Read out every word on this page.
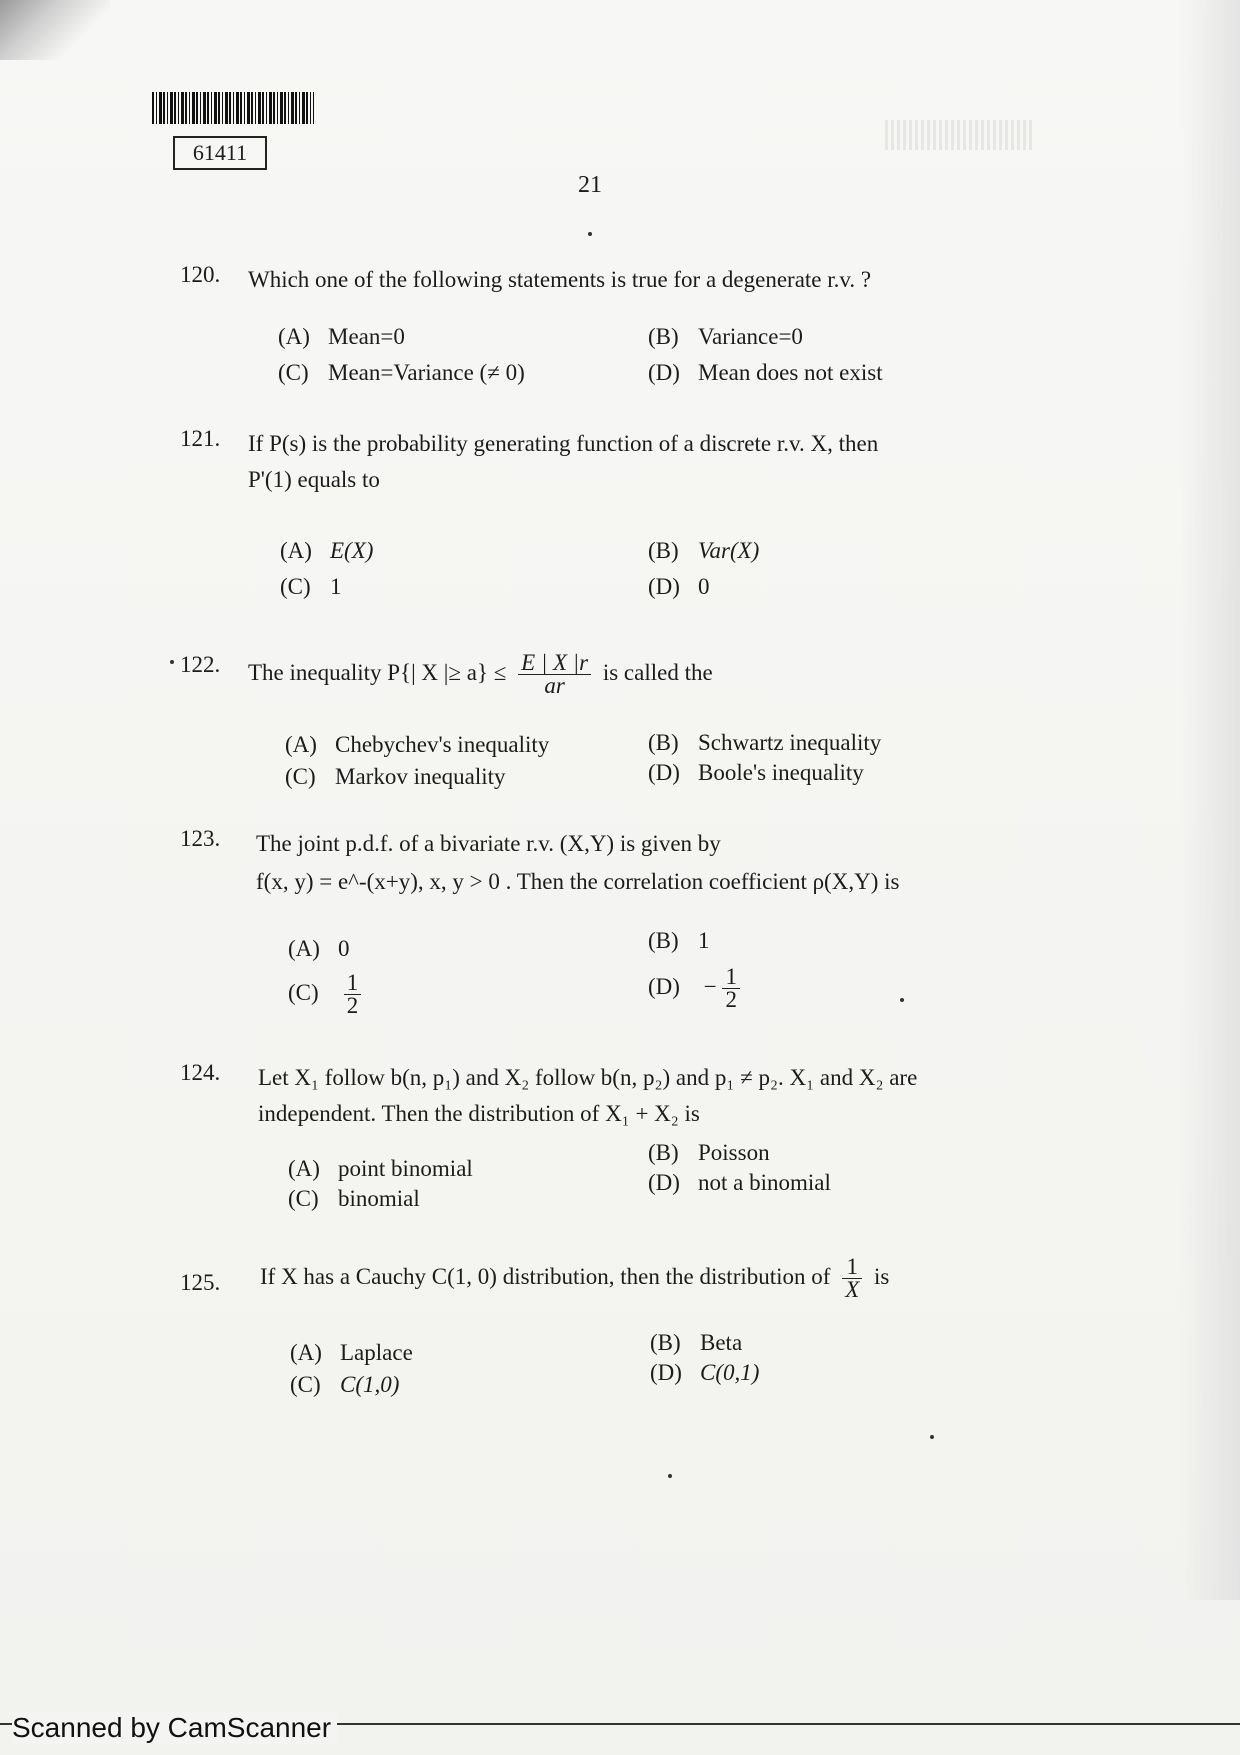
61411
21
120. Which one of the following statements is true for a degenerate r.v. ?
(A) Mean=0	(B) Variance=0
(C) Mean=Variance (≠ 0)	(D) Mean does not exist
121. If P(s) is the probability generating function of a discrete r.v. X, then
P'(1) equals to
(A) E(X)	(B) Var(X)
(C) 1	(D) 0
122. The inequality P{| X |≥ $a\} \le \frac{E | X |r}{ar}$ is called the
(A) Chebychev's inequality	(B) Schwartz inequality
(C) Markov inequality	(D) Boole's inequality
123. The joint p.d.f. of a bivariate r.v. (X,Y) is given by
f(x, y) = e^-(x+y), x, y > 0 . Then the correlation coefficient ρ(X,Y) is
(A) 0	(B) 1
$(C) \frac{1}{2}$	$(D) - \frac{1}{2}$
124. Let X₁ follow b(n, p₁) and X₂ follow b(n, p₂) and p₁ ≠ p₂. X₁ and X₂ are
independent. Then the distribution of X₁ + X₂ is
(A) point binomial
(B) Poisson
(C) binomial
(D) not a binomial
125. If X has a Cauchy C(1, 0) distribution, then the distribution of $\frac{1}{X}$ is
(A) Laplace	(B) Beta
(C) C(1,0)	(D) C(0,1)
Scanned by CamScanner
